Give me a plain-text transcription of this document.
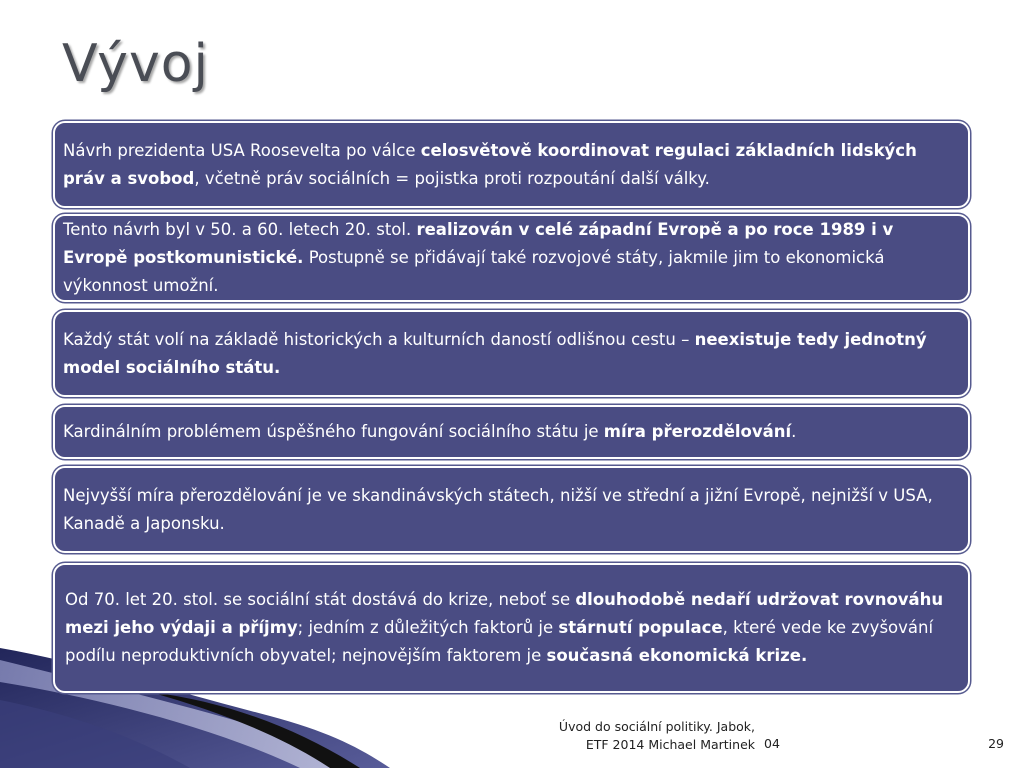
Vývoj

Návrh prezidenta USA Roosevelta po válce celosvětově koordinovat regulaci základních lidských práv a svobod, včetně práv sociálních = pojistka proti rozpoutání další války.

Tento návrh byl v 50. a 60. letech 20. stol. realizován v celé západní Evropě a po roce 1989 i v Evropě postkomunistické. Postupně se přidávají také rozvojové státy, jakmile jim to ekonomická výkonnost umožní.

Každý stát volí na základě historických a kulturních daností odlišnou cestu – neexistuje tedy jednotný model sociálního státu.

Kardinálním problémem úspěšného fungování sociálního státu je míra přerozdělování.

Nejvyšší míra přerozdělování je ve skandinávských státech, nižší ve střední a jižní Evropě, nejnižší v USA, Kanadě a Japonsku.

Od 70. let 20. stol. se sociální stát dostává do krize, neboť se dlouhodobě nedaří udržovat rovnováhu mezi jeho výdaji a příjmy; jedním z důležitých faktorů je stárnutí populace, které vede ke zvyšování podílu neproduktivních obyvatel; nejnovějším faktorem je současná ekonomická krize.

Úvod do sociální politiky. Jabok,
ETF 2014 Michael Martinek 04	29
